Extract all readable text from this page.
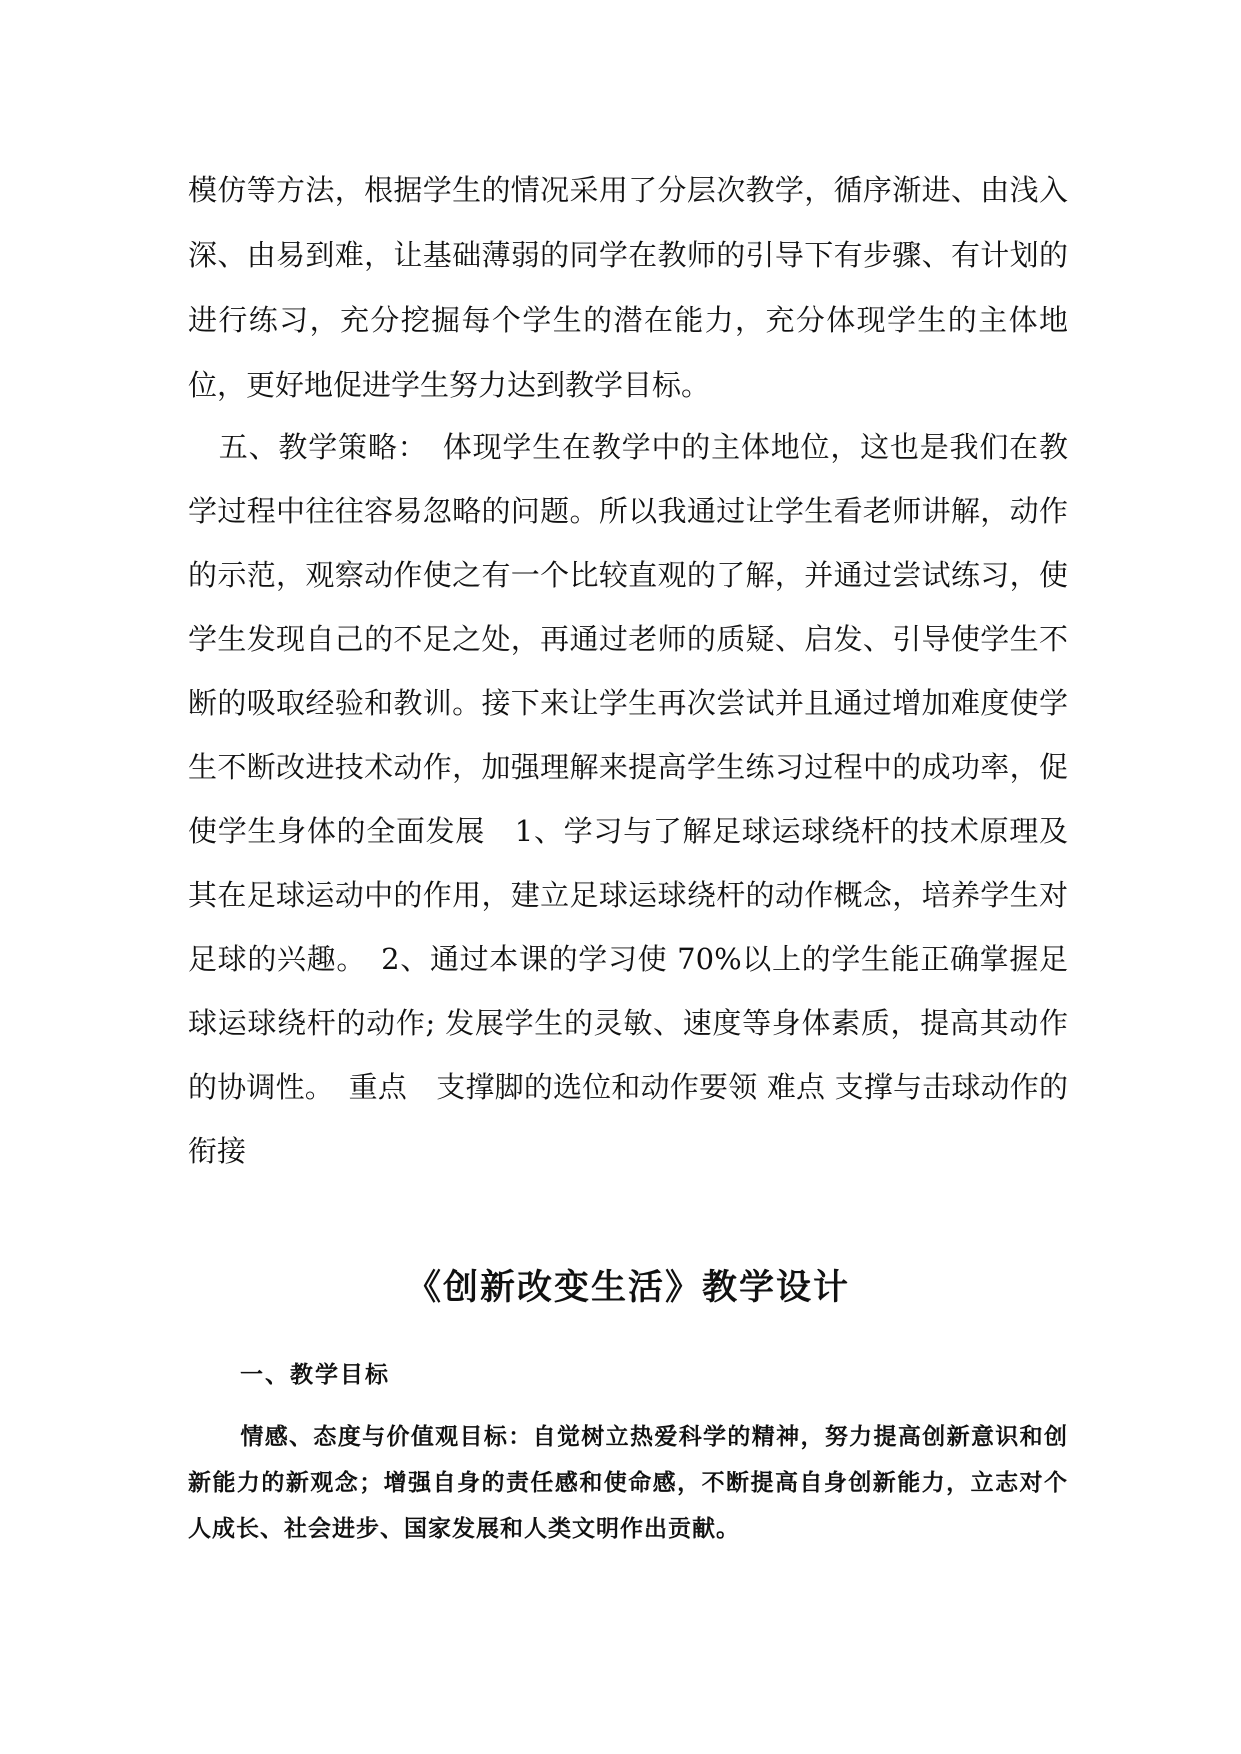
模仿等方法，根据学生的情况采用了分层次教学，循序渐进、由浅入深、由易到难，让基础薄弱的同学在教师的引导下有步骤、有计划的进行练习，充分挖掘每个学生的潜在能力，充分体现学生的主体地位，更好地促进学生努力达到教学目标。

五、教学策略：　体现学生在教学中的主体地位，这也是我们在教学过程中往往容易忽略的问题。所以我通过让学生看老师讲解，动作的示范，观察动作使之有一个比较直观的了解，并通过尝试练习，使学生发现自己的不足之处，再通过老师的质疑、启发、引导使学生不断的吸取经验和教训。接下来让学生再次尝试并且通过增加难度使学生不断改进技术动作，加强理解来提高学生练习过程中的成功率，促使学生身体的全面发展　1、学习与了解足球运球绕杆的技术原理及其在足球运动中的作用，建立足球运球绕杆的动作概念，培养学生对足球的兴趣。　2、通过本课的学习使 70%以上的学生能正确掌握足球运球绕杆的动作; 发展学生的灵敏、速度等身体素质，提高其动作的协调性。　重点　支撑脚的选位和动作要领 难点 支撑与击球动作的衔接

《创新改变生活》教学设计
一、教学目标

情感、态度与价值观目标：自觉树立热爱科学的精神，努力提高创新意识和创新能力的新观念；增强自身的责任感和使命感，不断提高自身创新能力，立志对个人成长、社会进步、国家发展和人类文明作出贡献。
